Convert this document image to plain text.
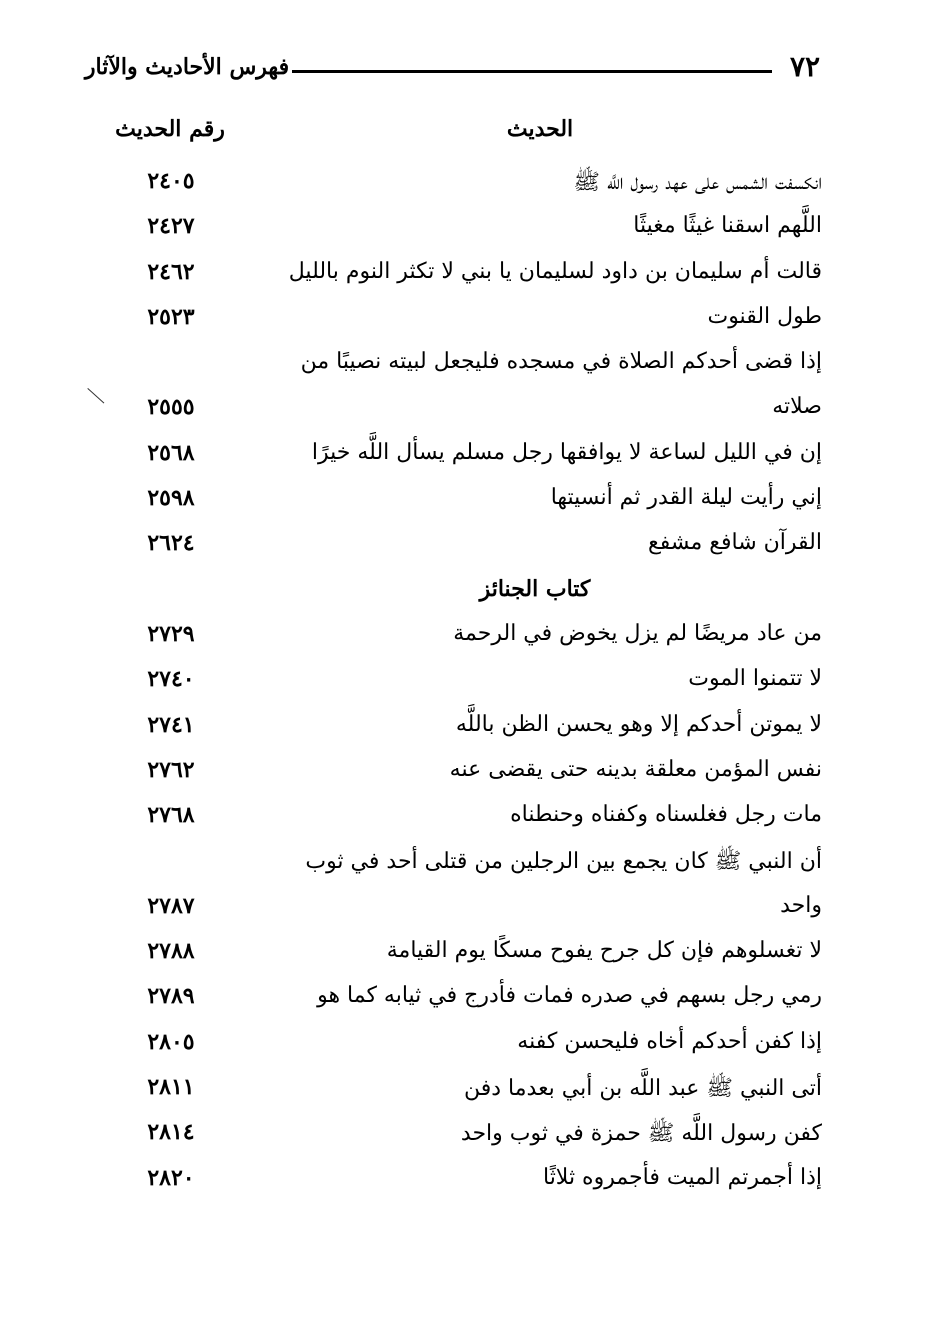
٧٢
فهرس الأحاديث والآثار
الحديث
رقم الحديث
انكسفت الشمس على عهد رسول اللَّه ﷺ
٢٤٠٥
اللَّهم اسقنا غيثًا مغيثًا
٢٤٢٧
قالت أم سليمان بن داود لسليمان يا بني لا تكثر النوم بالليل
٢٤٦٢
طول القنوت
٢٥٢٣
إذا قضى أحدكم الصلاة في مسجده فليجعل لبيته نصيبًا من
صلاته
٢٥٥٥
إن في الليل لساعة لا يوافقها رجل مسلم يسأل اللَّه خيرًا
٢٥٦٨
إني رأيت ليلة القدر ثم أنسيتها
٢٥٩٨
القرآن شافع مشفع
٢٦٢٤
كتاب الجنائز
من عاد مريضًا لم يزل يخوض في الرحمة
٢٧٢٩
لا تتمنوا الموت
٢٧٤٠
لا يموتن أحدكم إلا وهو يحسن الظن باللَّه
٢٧٤١
نفس المؤمن معلقة بدينه حتى يقضى عنه
٢٧٦٢
مات رجل فغلسناه وكفناه وحنطناه
٢٧٦٨
أن النبي ﷺ كان يجمع بين الرجلين من قتلى أحد في ثوب
واحد
٢٧٨٧
لا تغسلوهم فإن كل جرح يفوح مسكًا يوم القيامة
٢٧٨٨
رمي رجل بسهم في صدره فمات فأدرج في ثيابه كما هو
٢٧٨٩
إذا كفن أحدكم أخاه فليحسن كفنه
٢٨٠٥
أتى النبي ﷺ عبد اللَّه بن أبي بعدما دفن
٢٨١١
كفن رسول اللَّه ﷺ حمزة في ثوب واحد
٢٨١٤
إذا أجمرتم الميت فأجمروه ثلاثًا
٢٨٢٠
